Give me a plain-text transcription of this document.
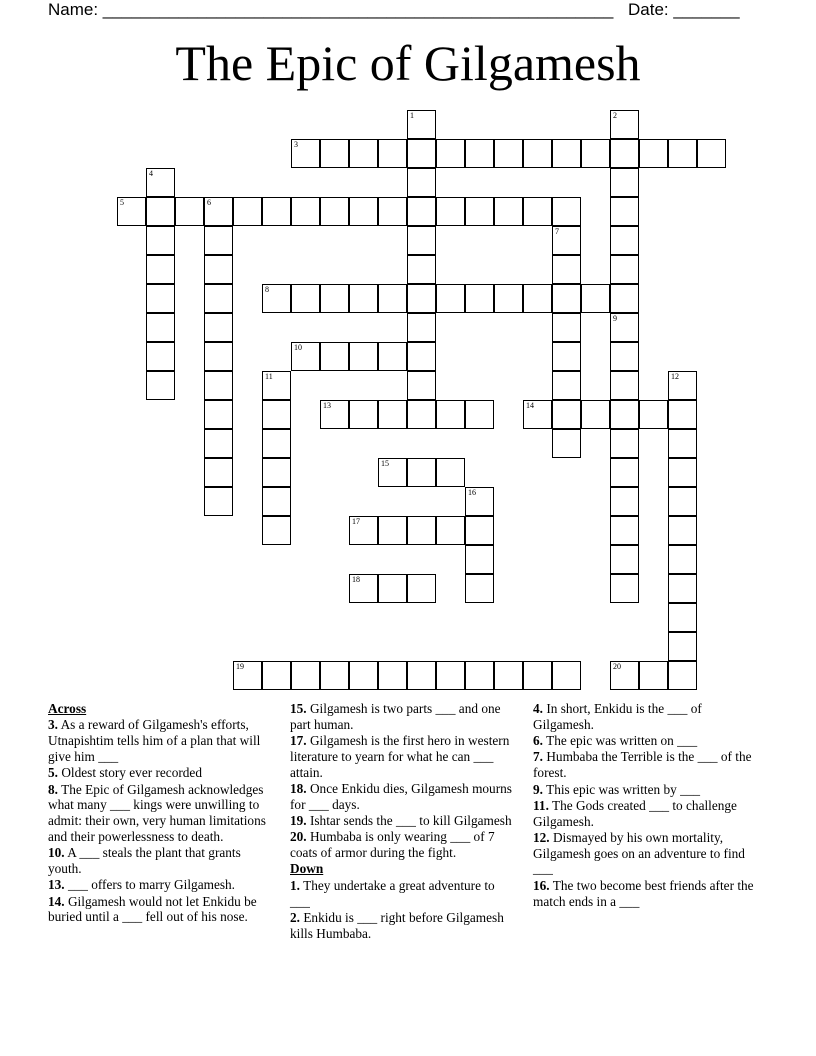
Name: ______________________________________________________ Date: _______
The Epic of Gilgamesh
1	2
3
4
5	6
7
8
9
10
11	12
13	14
15
16
17
18
19	20
Across
3. As a reward of Gilgamesh's efforts, Utnapishtim tells him of a plan that will give him ___
5. Oldest story ever recorded
8. The Epic of Gilgamesh acknowledges what many ___ kings were unwilling to admit: their own, very human limitations and their powerlessness to death.
10. A ___ steals the plant that grants youth.
13. ___ offers to marry Gilgamesh.
14. Gilgamesh would not let Enkidu be buried until a ___ fell out of his nose.
15. Gilgamesh is two parts ___ and one part human.
17. Gilgamesh is the first hero in western literature to yearn for what he can ___ attain.
18. Once Enkidu dies, Gilgamesh mourns for ___ days.
19. Ishtar sends the ___ to kill Gilgamesh
20. Humbaba is only wearing ___ of 7 coats of armor during the fight.
Down
1. They undertake a great adventure to ___
2. Enkidu is ___ right before Gilgamesh kills Humbaba.
4. In short, Enkidu is the ___ of Gilgamesh.
6. The epic was written on ___
7. Humbaba the Terrible is the ___ of the forest.
9. This epic was written by ___
11. The Gods created ___ to challenge Gilgamesh.
12. Dismayed by his own mortality, Gilgamesh goes on an adventure to find ___
16. The two become best friends after the match ends in a ___
